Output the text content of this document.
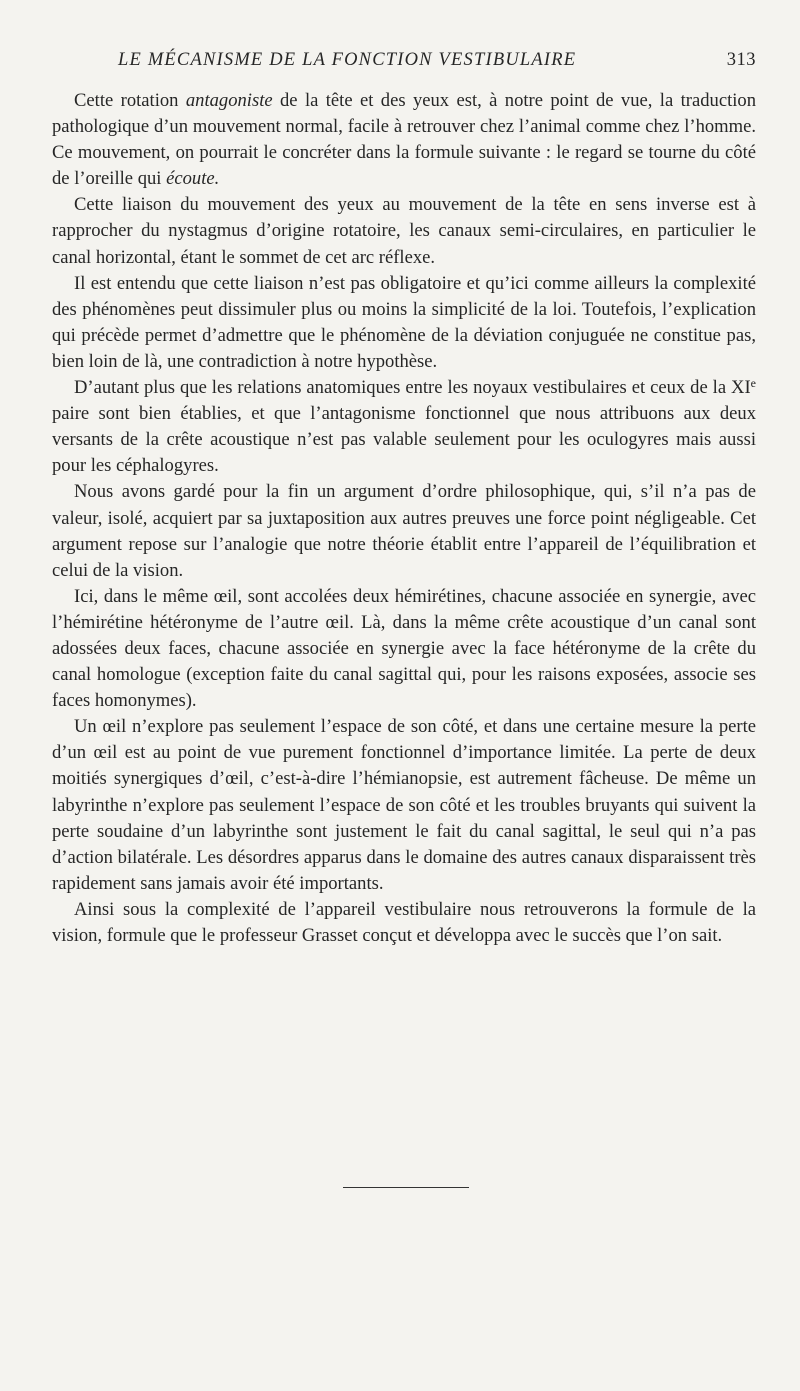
LE MÉCANISME DE LA FONCTION VESTIBULAIRE	313

Cette rotation antagoniste de la tête et des yeux est, à notre point de vue, la traduction pathologique d’un mouvement normal, facile à retrouver chez l’animal comme chez l’homme. Ce mouvement, on pourrait le concréter dans la formule suivante : le regard se tourne du côté de l’oreille qui écoute.

Cette liaison du mouvement des yeux au mouvement de la tête en sens inverse est à rapprocher du nystagmus d’origine rotatoire, les canaux semi-circulaires, en particulier le canal horizontal, étant le sommet de cet arc réflexe.

Il est entendu que cette liaison n’est pas obligatoire et qu’ici comme ailleurs la complexité des phénomènes peut dissimuler plus ou moins la simplicité de la loi. Toutefois, l’explication qui précède permet d’admettre que le phénomène de la déviation conjuguée ne constitue pas, bien loin de là, une contradiction à notre hypothèse.

D’autant plus que les relations anatomiques entre les noyaux vestibulaires et ceux de la XIe paire sont bien établies, et que l’antagonisme fonctionnel que nous attribuons aux deux versants de la crête acoustique n’est pas valable seulement pour les oculogyres mais aussi pour les céphalogyres.

Nous avons gardé pour la fin un argument d’ordre philosophique, qui, s’il n’a pas de valeur, isolé, acquiert par sa juxtaposition aux autres preuves une force point négligeable. Cet argument repose sur l’analogie que notre théorie établit entre l’appareil de l’équilibration et celui de la vision.

Ici, dans le même œil, sont accolées deux hémirétines, chacune associée en synergie, avec l’hémirétine hétéronyme de l’autre œil. Là, dans la même crête acoustique d’un canal sont adossées deux faces, chacune associée en synergie avec la face hétéronyme de la crête du canal homologue (exception faite du canal sagittal qui, pour les raisons exposées, associe ses faces homonymes).

Un œil n’explore pas seulement l’espace de son côté, et dans une certaine mesure la perte d’un œil est au point de vue purement fonctionnel d’importance limitée. La perte de deux moitiés synergiques d’œil, c’est-à-dire l’hémianopsie, est autrement fâcheuse. De même un labyrinthe n’explore pas seulement l’espace de son côté et les troubles bruyants qui suivent la perte soudaine d’un labyrinthe sont justement le fait du canal sagittal, le seul qui n’a pas d’action bilatérale. Les désordres apparus dans le domaine des autres canaux disparaissent très rapidement sans jamais avoir été importants.

Ainsi sous la complexité de l’appareil vestibulaire nous retrouverons la formule de la vision, formule que le professeur Grasset conçut et développa avec le succès que l’on sait.
